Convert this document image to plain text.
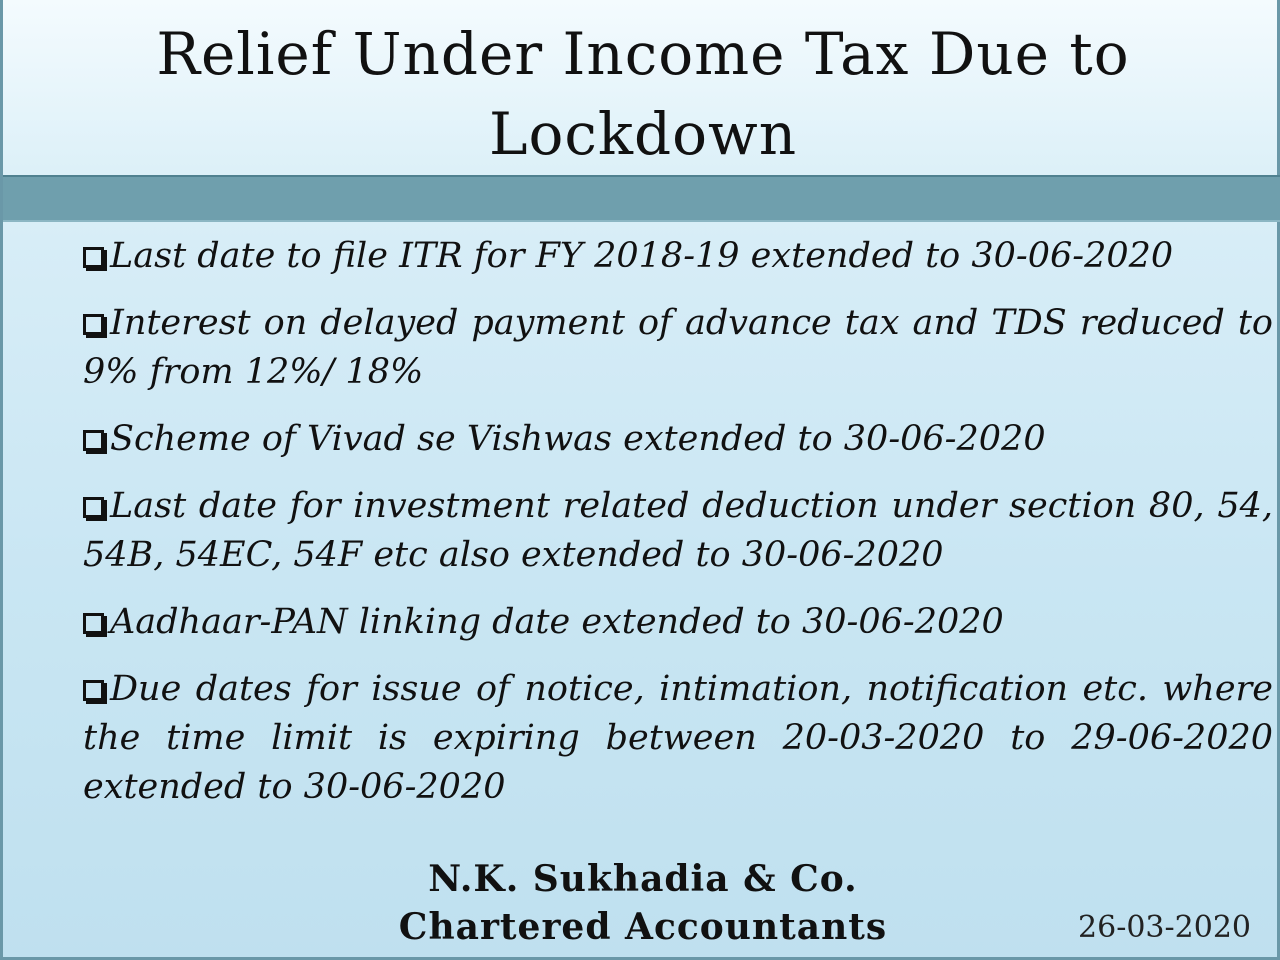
Relief Under Income Tax Due to
Lockdown
Last date to file ITR for FY 2018-19 extended to 30-06-2020
Interest on delayed payment of advance tax and TDS reduced to 9% from 12%/ 18%
Scheme of Vivad se Vishwas extended to 30-06-2020
Last date for investment related deduction under section 80, 54, 54B, 54EC, 54F etc also extended to 30-06-2020
Aadhaar-PAN linking date extended to 30-06-2020
Due dates for issue of notice, intimation, notification etc. where the time limit is expiring between 20-03-2020 to 29-06-2020 extended to 30-06-2020
N.K. Sukhadia & Co.
Chartered Accountants	26-03-2020
